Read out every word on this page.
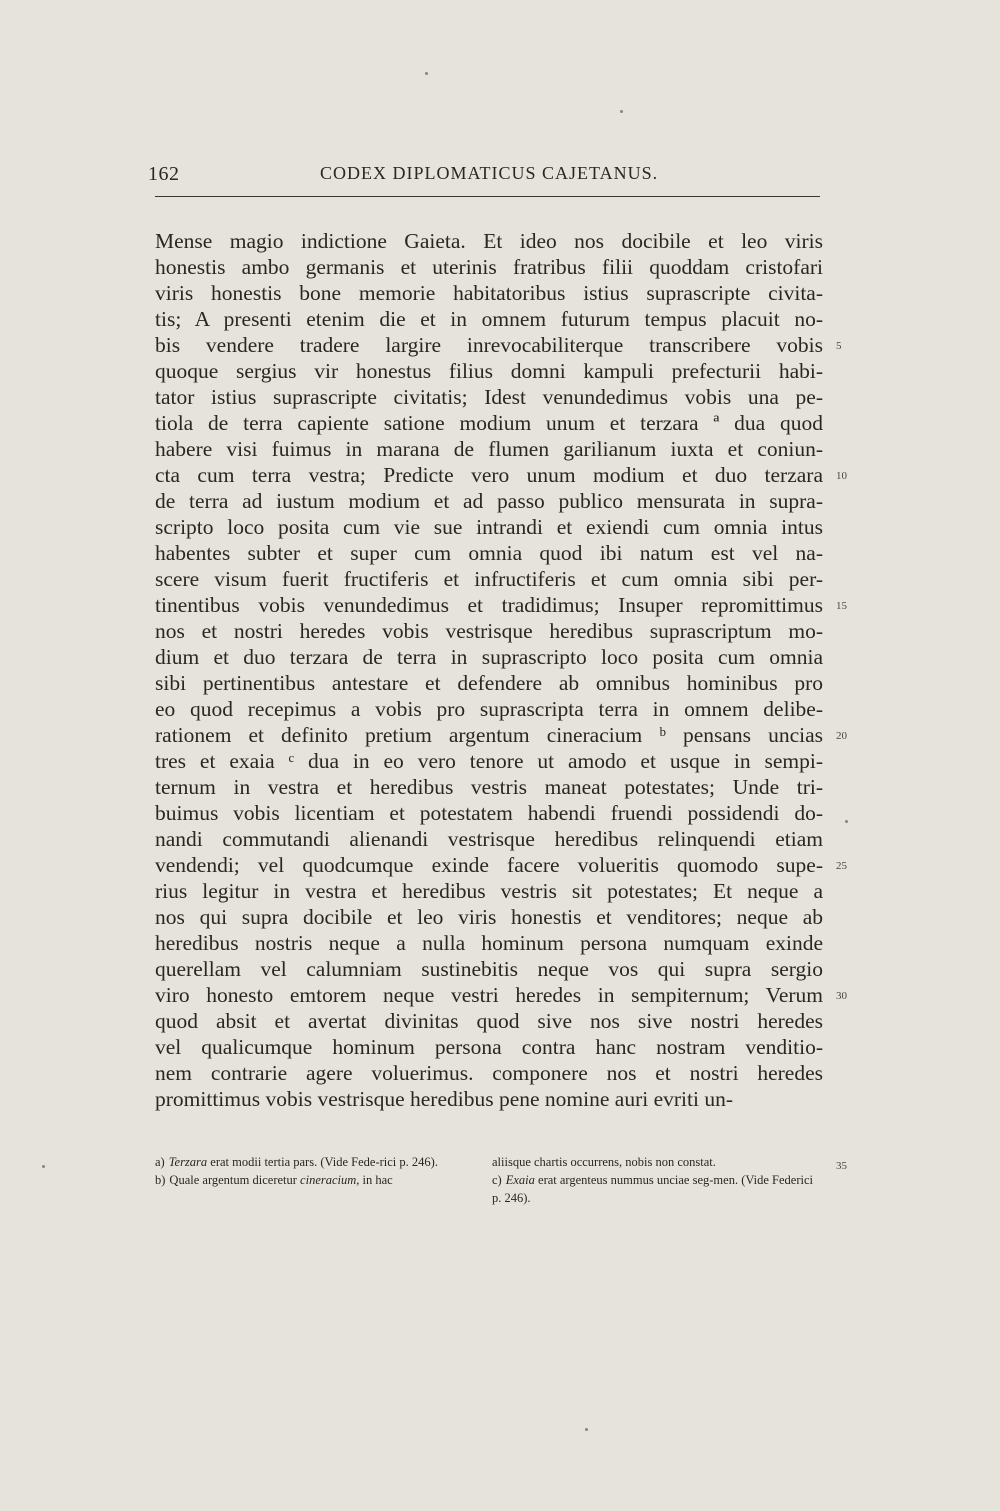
162	CODEX DIPLOMATICUS CAJETANUS.
Mense magio indictione Gaieta. Et ideo nos docibile et leo viris
honestis ambo germanis et uterinis fratribus filii quoddam cristofari
viris honestis bone memorie habitatoribus istius suprascripte civita-
tis; A presenti etenim die et in omnem futurum tempus placuit no-
bis vendere tradere largire inrevocabiliterque transcribere vobis
quoque sergius vir honestus filius domni kampuli prefecturii habi-
tator istius suprascripte civitatis; Idest venundedimus vobis una pe-
tiola de terra capiente satione modium unum et terzara ª dua quod
habere visi fuimus in marana de flumen garilianum iuxta et coniun-
cta cum terra vestra; Predicte vero unum modium et duo terzara
de terra ad iustum modium et ad passo publico mensurata in supra-
scripto loco posita cum vie sue intrandi et exiendi cum omnia intus
habentes subter et super cum omnia quod ibi natum est vel na-
scere visum fuerit fructiferis et infructiferis et cum omnia sibi per-
tinentibus vobis venundedimus et tradidimus; Insuper repromittimus
nos et nostri heredes vobis vestrisque heredibus suprascriptum mo-
dium et duo terzara de terra in suprascripto loco posita cum omnia
sibi pertinentibus antestare et defendere ab omnibus hominibus pro
eo quod recepimus a vobis pro suprascripta terra in omnem delibe-
rationem et definito pretium argentum cineracium ᵇ pensans uncias
tres et exaia ᶜ dua in eo vero tenore ut amodo et usque in sempi-
ternum in vestra et heredibus vestris maneat potestates; Unde tri-
buimus vobis licentiam et potestatem habendi fruendi possidendi do-
nandi commutandi alienandi vestrisque heredibus relinquendi etiam
vendendi; vel quodcumque exinde facere volueritis quomodo supe-
rius legitur in vestra et heredibus vestris sit potestates; Et neque a
nos qui supra docibile et leo viris honestis et venditores; neque ab
heredibus nostris neque a nulla hominum persona numquam exinde
querellam vel calumniam sustinebitis neque vos qui supra sergio
viro honesto emtorem neque vestri heredes in sempiternum; Verum
quod absit et avertat divinitas quod sive nos sive nostri heredes
vel qualicumque hominum persona contra hanc nostram venditio-
nem contrarie agere voluerimus. componere nos et nostri heredes
promittimus vobis vestrisque heredibus pene nomine auri evriti un-
5
10
15
20
25
30

a) Terzara erat modii tertia pars. (Vide Fede-rici p. 246).

b) Quale argentum diceretur cineracium, in hac

aliisque chartis occurrens, nobis non constat.

c) Exaia erat argenteus nummus unciae seg-men. (Vide Federici p. 246).

35
